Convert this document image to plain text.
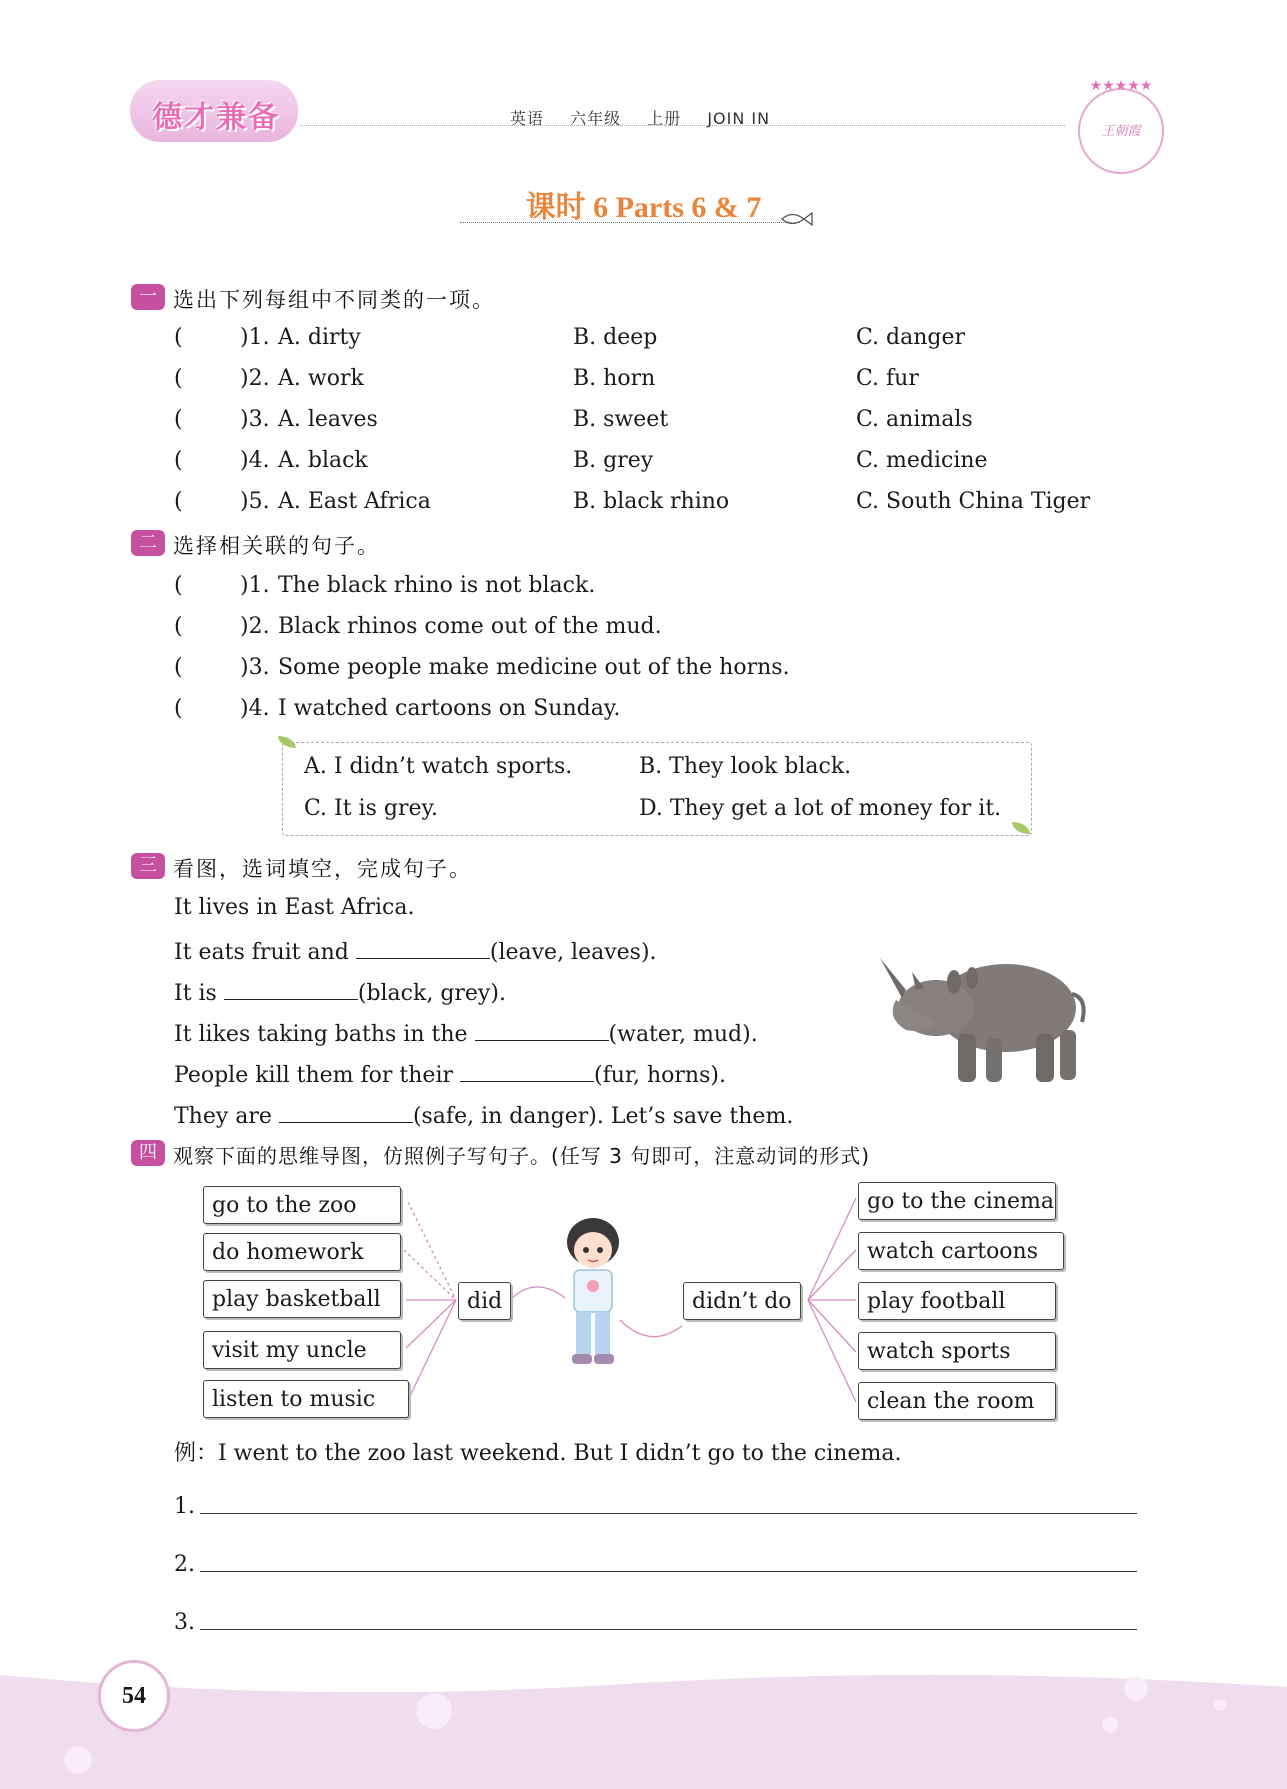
德才兼备	英语 六年级 上册 JOIN IN
★★★★★
王朝霞
课时 6 Parts 6 & 7
一 选出下列每组中不同类的一项。
(	)1. A. dirty	B. deep	C. danger
(	)2. A. work	B. horn	C. fur
(	)3. A. leaves	B. sweet	C. animals
(	)4. A. black	B. grey	C. medicine
(	)5. A. East Africa	B. black rhino	C. South China Tiger
二 选择相关联的句子。
(	)1. The black rhino is not black.
(	)2. Black rhinos come out of the mud.
(	)3. Some people make medicine out of the horns.
(	)4. I watched cartoons on Sunday.
A. I didn’t watch sports.	B. They look black.
C. It is grey.	D. They get a lot of money for it.
三 看图，选词填空，完成句子。
It lives in East Africa.
It eats fruit and	(leave, leaves).
It is	(black, grey).
It likes taking baths in the	(water, mud).
People kill them for their	(fur, horns).
They are	(safe, in danger). Let’s save them.
四 观察下面的思维导图，仿照例子写句子。(任写 3 句即可，注意动词的形式)
go to the zoo
do homework
play basketball
visit my uncle
listen to music
did	didn’t do
go to the cinema
watch cartoons
play football
watch sports
clean the room
例：I went to the zoo last weekend. But I didn’t go to the cinema.
1.
2.
3.
54
